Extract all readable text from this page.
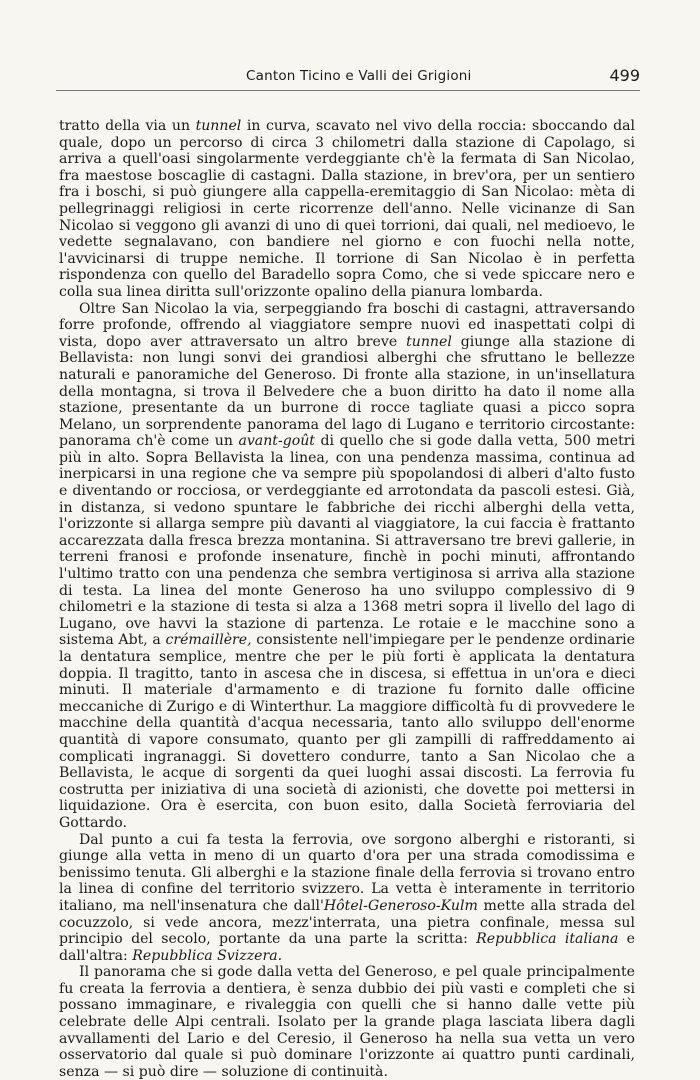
Canton Ticino e Valli dei Grigioni	499

tratto della via un tunnel in curva, scavato nel vivo della roccia: sboccando dal quale, dopo un percorso di circa 3 chilometri dalla stazione di Capolago, si arriva a quell'oasi singolarmente verdeggiante ch'è la fermata di San Nicolao, fra maestose boscaglie di castagni. Dalla stazione, in brev'ora, per un sentiero fra i boschi, si può giungere alla cappella-eremitaggio di San Nicolao: mèta di pellegrinaggi religiosi in certe ricorrenze dell'anno. Nelle vicinanze di San Nicolao si veggono gli avanzi di uno di quei torrioni, dai quali, nel medioevo, le vedette segnalavano, con bandiere nel giorno e con fuochi nella notte, l'avvicinarsi di truppe nemiche. Il torrione di San Nicolao è in perfetta rispondenza con quello del Baradello sopra Como, che si vede spiccare nero e colla sua linea diritta sull'orizzonte opalino della pianura lombarda.

Oltre San Nicolao la via, serpeggiando fra boschi di castagni, attraversando forre profonde, offrendo al viaggiatore sempre nuovi ed inaspettati colpi di vista, dopo aver attraversato un altro breve tunnel giunge alla stazione di Bellavista: non lungi sonvi dei grandiosi alberghi che sfruttano le bellezze naturali e panoramiche del Generoso. Di fronte alla stazione, in un'insellatura della montagna, si trova il Belvedere che a buon diritto ha dato il nome alla stazione, presentante da un burrone di rocce tagliate quasi a picco sopra Melano, un sorprendente panorama del lago di Lugano e territorio circostante: panorama ch'è come un avant-goût di quello che si gode dalla vetta, 500 metri più in alto. Sopra Bellavista la linea, con una pendenza massima, continua ad inerpicarsi in una regione che va sempre più spopolandosi di alberi d'alto fusto e diventando or rocciosa, or verdeggiante ed arrotondata da pascoli estesi. Già, in distanza, si vedono spuntare le fabbriche dei ricchi alberghi della vetta, l'orizzonte si allarga sempre più davanti al viaggiatore, la cui faccia è frattanto accarezzata dalla fresca brezza montanina. Si attraversano tre brevi gallerie, in terreni franosi e profonde insenature, finchè in pochi minuti, affrontando l'ultimo tratto con una pendenza che sembra vertiginosa si arriva alla stazione di testa. La linea del monte Generoso ha uno sviluppo complessivo di 9 chilometri e la stazione di testa si alza a 1368 metri sopra il livello del lago di Lugano, ove havvi la stazione di partenza. Le rotaie e le macchine sono a sistema Abt, a crémaillère, consistente nell'impiegare per le pendenze ordinarie la dentatura semplice, mentre che per le più forti è applicata la dentatura doppia. Il tragitto, tanto in ascesa che in discesa, si effettua in un'ora e dieci minuti. Il materiale d'armamento e di trazione fu fornito dalle officine meccaniche di Zurigo e di Winterthur. La maggiore difficoltà fu di provvedere le macchine della quantità d'acqua necessaria, tanto allo sviluppo dell'enorme quantità di vapore consumato, quanto per gli zampilli di raffreddamento ai complicati ingranaggi. Si dovettero condurre, tanto a San Nicolao che a Bellavista, le acque di sorgenti da quei luoghi assai discosti. La ferrovia fu costrutta per iniziativa di una società di azionisti, che dovette poi mettersi in liquidazione. Ora è esercita, con buon esito, dalla Società ferroviaria del Gottardo.

Dal punto a cui fa testa la ferrovia, ove sorgono alberghi e ristoranti, si giunge alla vetta in meno di un quarto d'ora per una strada comodissima e benissimo tenuta. Gli alberghi e la stazione finale della ferrovia si trovano entro la linea di confine del territorio svizzero. La vetta è interamente in territorio italiano, ma nell'insenatura che dall'Hôtel-Generoso-Kulm mette alla strada del cocuzzolo, si vede ancora, mezz'interrata, una pietra confinale, messa sul principio del secolo, portante da una parte la scritta: Repubblica italiana e dall'altra: Repubblica Svizzera.

Il panorama che si gode dalla vetta del Generoso, e pel quale principalmente fu creata la ferrovia a dentiera, è senza dubbio dei più vasti e completi che si possano immaginare, e rivaleggia con quelli che si hanno dalle vette più celebrate delle Alpi centrali. Isolato per la grande plaga lasciata libera dagli avvallamenti del Lario e del Ceresio, il Generoso ha nella sua vetta un vero osservatorio dal quale si può dominare l'orizzonte ai quattro punti cardinali, senza — si può dire — soluzione di continuità.
